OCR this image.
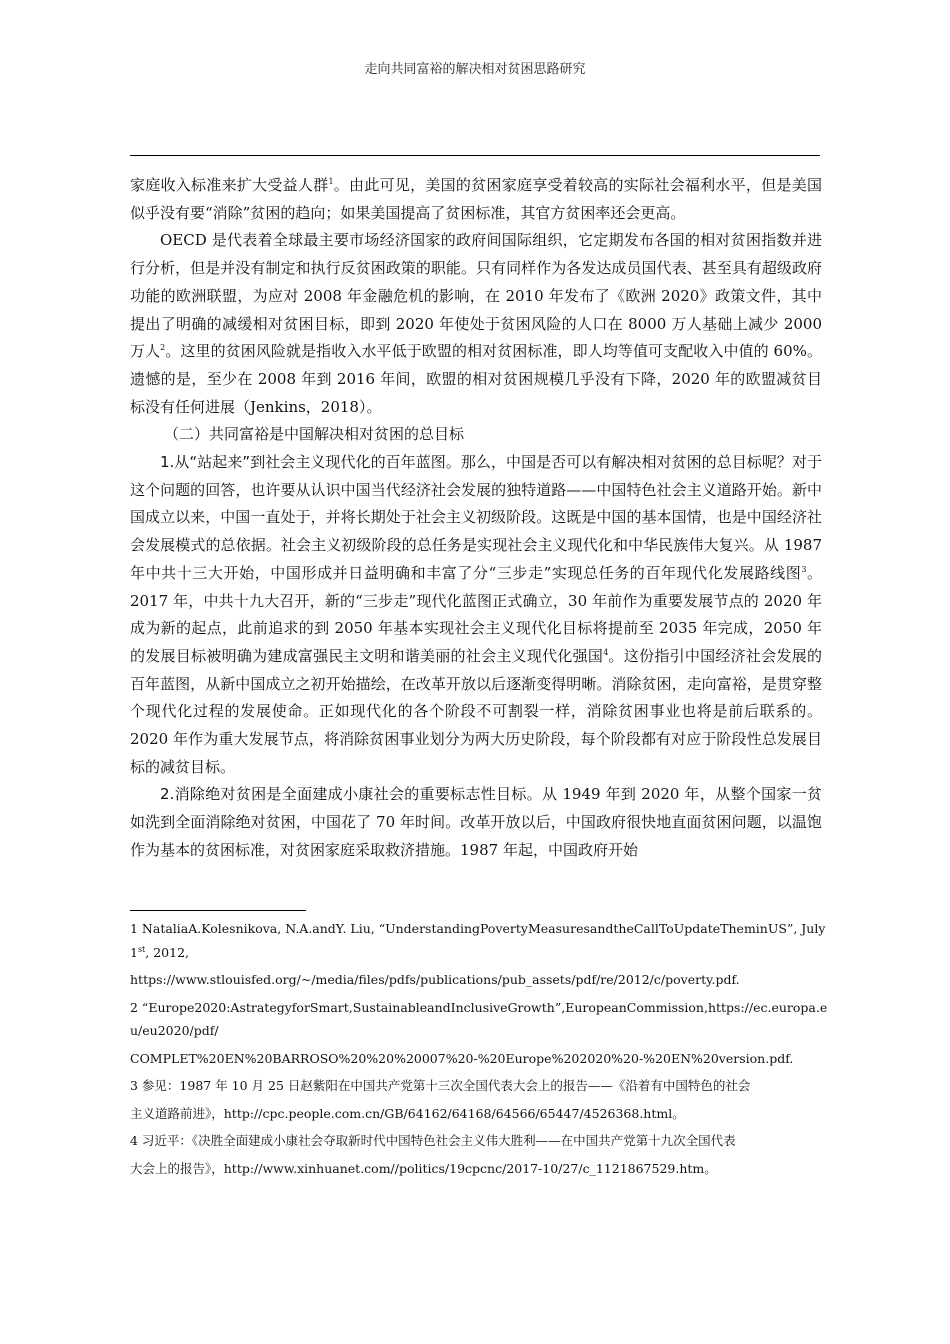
走向共同富裕的解决相对贫困思路研究

家庭收入标准来扩大受益人群$^1$。由此可见，美国的贫困家庭享受着较高的实际社会福利水平，但是美国似乎没有要“消除”贫困的趋向；如果美国提高了贫困标准，其官方贫困率还会更高。

OECD 是代表着全球最主要市场经济国家的政府间国际组织，它定期发布各国的相对贫困指数并进行分析，但是并没有制定和执行反贫困政策的职能。只有同样作为各发达成员国代表、甚至具有超级政府功能的欧洲联盟，为应对 2008 年金融危机的影响，在 2010 年发布了《欧洲 2020》政策文件，其中提出了明确的减缓相对贫困目标，即到 2020 年使处于贫困风险的人口在 8000 万人基础上减少 2000 万人$^2$。这里的贫困风险就是指收入水平低于欧盟的相对贫困标准，即人均等值可支配收入中值的 60%。遗憾的是，至少在 2008 年到 2016 年间，欧盟的相对贫困规模几乎没有下降，2020 年的欧盟减贫目标没有任何进展（Jenkins，2018）。

（二）共同富裕是中国解决相对贫困的总目标

1.从“站起来”到社会主义现代化的百年蓝图。那么，中国是否可以有解决相对贫困的总目标呢？对于这个问题的回答，也许要从认识中国当代经济社会发展的独特道路——中国特色社会主义道路开始。新中国成立以来，中国一直处于，并将长期处于社会主义初级阶段。这既是中国的基本国情，也是中国经济社会发展模式的总依据。社会主义初级阶段的总任务是实现社会主义现代化和中华民族伟大复兴。从 1987 年中共十三大开始，中国形成并日益明确和丰富了分“三步走”实现总任务的百年现代化发展路线图$^3$。2017 年，中共十九大召开，新的“三步走”现代化蓝图正式确立，30 年前作为重要发展节点的 2020 年成为新的起点，此前追求的到 2050 年基本实现社会主义现代化目标将提前至 2035 年完成，2050 年的发展目标被明确为建成富强民主文明和谐美丽的社会主义现代化强国$^4$。这份指引中国经济社会发展的百年蓝图，从新中国成立之初开始描绘，在改革开放以后逐渐变得明晰。消除贫困，走向富裕，是贯穿整个现代化过程的发展使命。正如现代化的各个阶段不可割裂一样，消除贫困事业也将是前后联系的。2020 年作为重大发展节点，将消除贫困事业划分为两大历史阶段，每个阶段都有对应于阶段性总发展目标的减贫目标。

2.消除绝对贫困是全面建成小康社会的重要标志性目标。从 1949 年到 2020 年，从整个国家一贫如洗到全面消除绝对贫困，中国花了 70 年时间。改革开放以后，中国政府很快地直面贫困问题，以温饱作为基本的贫困标准，对贫困家庭采取救济措施。1987 年起，中国政府开始

1 NataliaA.Kolesnikova, N.A.andY. Liu, “UnderstandingPovertyMeasuresandtheCallToUpdateTheminUS”, July1st, 2012,

https://www.stlouisfed.org/~/media/files/pdfs/publications/pub_assets/pdf/re/2012/c/poverty.pdf.

2 “Europe2020:AstrategyforSmart,SustainableandInclusiveGrowth”,EuropeanCommission,https://ec.europa.eu/eu2020/pdf/

COMPLET%20EN%20BARROSO%20%20%20007%20-%20Europe%202020%20-%20EN%20version.pdf.

3 参见：1987 年 10 月 25 日赵紫阳在中国共产党第十三次全国代表大会上的报告——《沿着有中国特色的社会

主义道路前进》，http://cpc.people.com.cn/GB/64162/64168/64566/65447/4526368.html。

4 习近平：《决胜全面建成小康社会夺取新时代中国特色社会主义伟大胜利——在中国共产党第十九次全国代表

大会上的报告》，http://www.xinhuanet.com//politics/19cpcnc/2017-10/27/c_1121867529.htm。
